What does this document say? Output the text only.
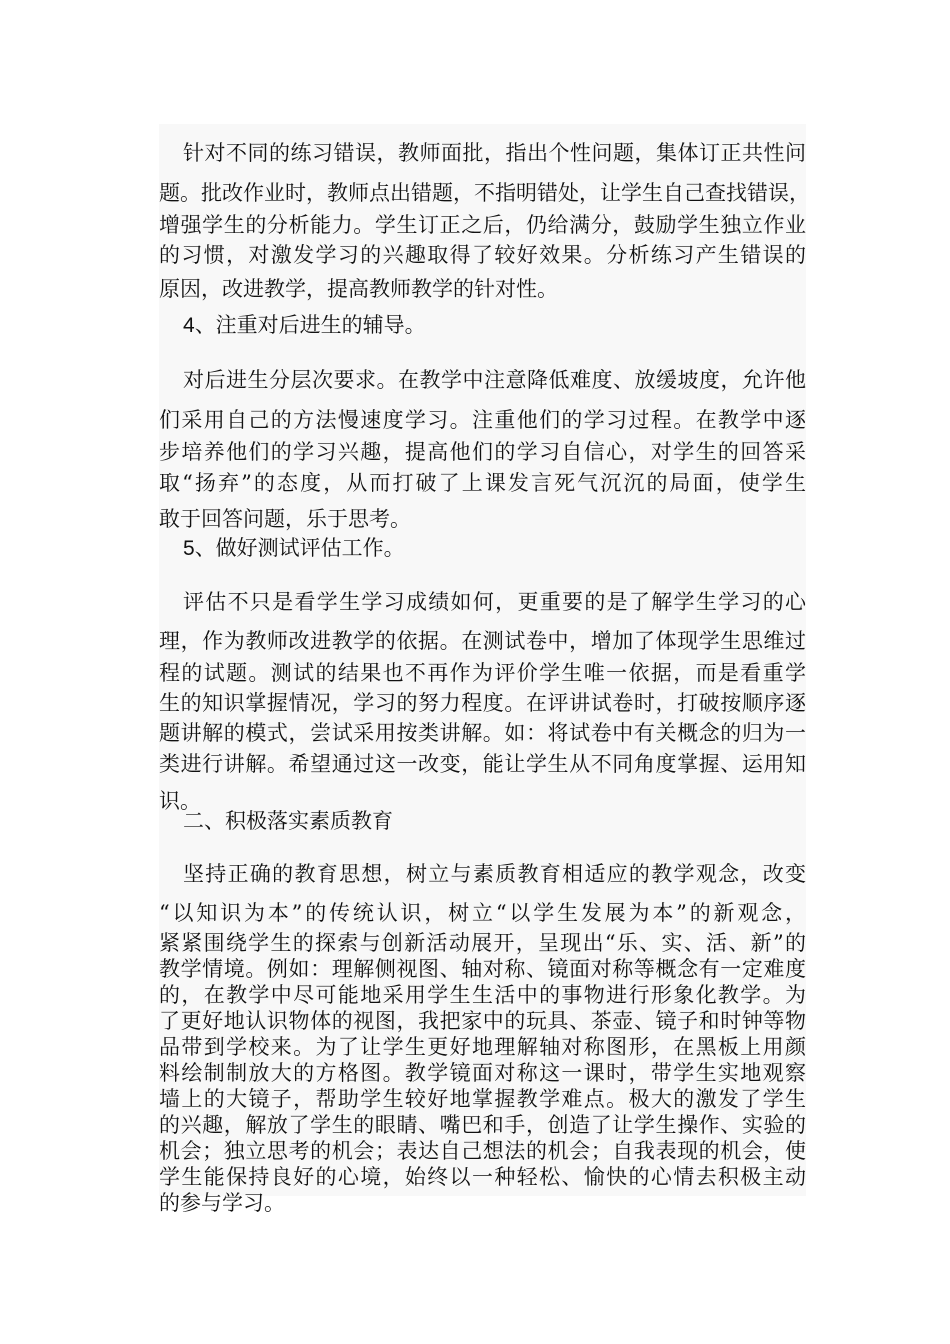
针对不同的练习错误，教师面批，指出个性问题，集体订正共性问
题。批改作业时，教师点出错题，不指明错处，让学生自己查找错误，
增强学生的分析能力。学生订正之后，仍给满分，鼓励学生独立作业
的习惯，对激发学习的兴趣取得了较好效果。分析练习产生错误的
原因，改进教学，提高教师教学的针对性。
4、注重对后进生的辅导。
对后进生分层次要求。在教学中注意降低难度、放缓坡度，允许他
们采用自己的方法慢速度学习。注重他们的学习过程。在教学中逐
步培养他们的学习兴趣，提高他们的学习自信心，对学生的回答采
取“扬弃”的态度，从而打破了上课发言死气沉沉的局面，使学生
敢于回答问题，乐于思考。
5、做好测试评估工作。
评估不只是看学生学习成绩如何，更重要的是了解学生学习的心
理，作为教师改进教学的依据。在测试卷中，增加了体现学生思维过
程的试题。测试的结果也不再作为评价学生唯一依据，而是看重学
生的知识掌握情况，学习的努力程度。在评讲试卷时，打破按顺序逐
题讲解的模式，尝试采用按类讲解。如：将试卷中有关概念的归为一
类进行讲解。希望通过这一改变，能让学生从不同角度掌握、运用知
识。
二、积极落实素质教育
坚持正确的教育思想，树立与素质教育相适应的教学观念，改变
“以知识为本”的传统认识，树立“以学生发展为本”的新观念，
紧紧围绕学生的探索与创新活动展开，呈现出“乐、实、活、新”的
教学情境。例如：理解侧视图、轴对称、镜面对称等概念有一定难度
的，在教学中尽可能地采用学生生活中的事物进行形象化教学。为
了更好地认识物体的视图，我把家中的玩具、茶壶、镜子和时钟等物
品带到学校来。为了让学生更好地理解轴对称图形，在黑板上用颜
料绘制制放大的方格图。教学镜面对称这一课时，带学生实地观察
墙上的大镜子，帮助学生较好地掌握教学难点。极大的激发了学生
的兴趣，解放了学生的眼睛、嘴巴和手，创造了让学生操作、实验的
机会；独立思考的机会；表达自己想法的机会；自我表现的机会，使
学生能保持良好的心境，始终以一种轻松、愉快的心情去积极主动
的参与学习。
